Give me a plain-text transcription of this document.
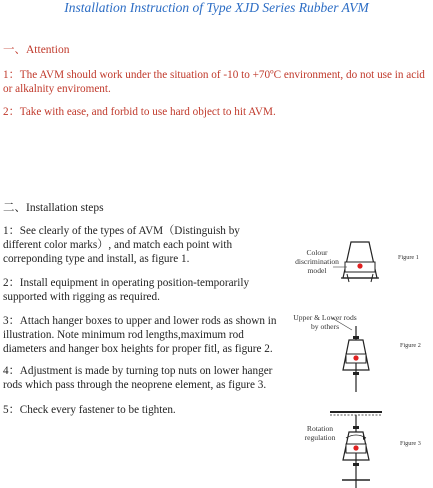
Installation Instruction of Type XJD Series Rubber AVM
一、Attention
1：The AVM should work under the situation of -10 to +70ºC environment, do not use in acid or alkalnity enviroment.
2：Take with ease, and forbid to use hard object to hit AVM.
二、Installation steps
1：See clearly of the types of AVM（Distinguish by different color marks）, and match each point with correponding type and install, as figure 1.
2：Install equipment in operating position-temporarily supported with rigging as required.
3：Attach hanger boxes to upper and lower rods as shown in illustration. Note minimum rod lengths,maximum rod diameters and hanger box heights for proper fitl, as figure 2.
4：Adjustment is made by turning top nuts on lower hanger rods which pass through the neoprene element, as figure 3.
5：Check every fastener to be tighten.
Colour discrimination model
Figure 1
Upper & Lower rods by others
Figure 2
Rotation regulation
Figure 3
